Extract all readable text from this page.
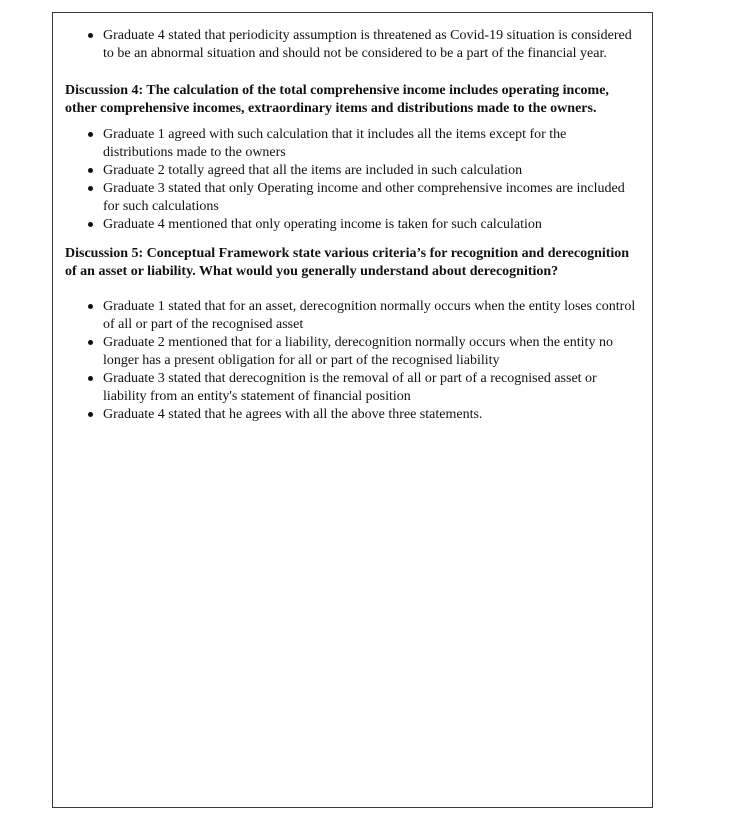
Graduate 4 stated that periodicity assumption is threatened as Covid-19 situation is considered to be an abnormal situation and should not be considered to be a part of the financial year.

Discussion 4: The calculation of the total comprehensive income includes operating income, other comprehensive incomes, extraordinary items and distributions made to the owners.

Graduate 1 agreed with such calculation that it includes all the items except for the distributions made to the owners
Graduate 2 totally agreed that all the items are included in such calculation
Graduate 3 stated that only Operating income and other comprehensive incomes are included for such calculations
Graduate 4 mentioned that only operating income is taken for such calculation

Discussion 5: Conceptual Framework state various criteria’s for recognition and derecognition of an asset or liability. What would you generally understand about derecognition?

Graduate 1 stated that for an asset, derecognition normally occurs when the entity loses control of all or part of the recognised asset
Graduate 2 mentioned that for a liability, derecognition normally occurs when the entity no longer has a present obligation for all or part of the recognised liability
Graduate 3 stated that derecognition is the removal of all or part of a recognised asset or liability from an entity's statement of financial position
Graduate 4 stated that he agrees with all the above three statements.
